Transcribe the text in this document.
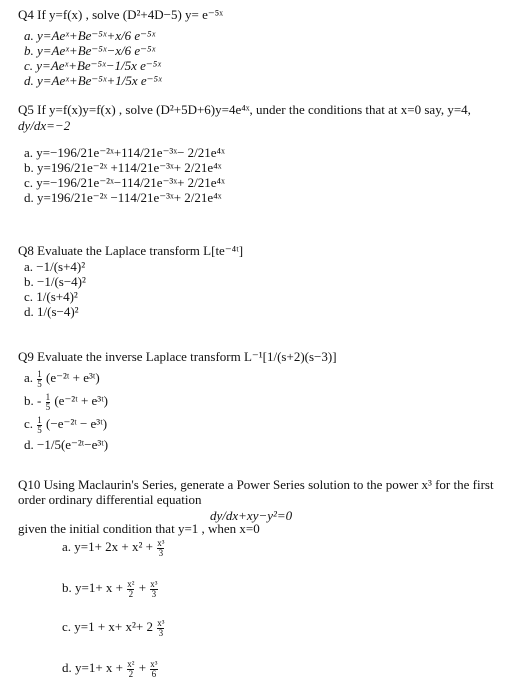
Q4 If y=f(x) , solve (D²+4D−5) y= e⁻⁵ˣ
a. y=Aeˣ+Be⁻⁵ˣ+x/6 e⁻⁵ˣ
b. y=Aeˣ+Be⁻⁵ˣ−x/6 e⁻⁵ˣ
c. y=Aeˣ+Be⁻⁵ˣ−1/5x e⁻⁵ˣ
d. y=Aeˣ+Be⁻⁵ˣ+1/5x e⁻⁵ˣ
Q5 If y=f(x)y=f(x) , solve (D²+5D+6)y=4e⁴ˣ, under the conditions that at x=0 say, y=4,
dy/dx=−2
a. y=−196/21e⁻²ˣ+114/21e⁻³ˣ− 2/21e⁴ˣ
b. y=196/21e⁻²ˣ +114/21e⁻³ˣ+ 2/21e⁴ˣ
c. y=−196/21e⁻²ˣ−114/21e⁻³ˣ+ 2/21e⁴ˣ
d. y=196/21e⁻²ˣ −114/21e⁻³ˣ+ 2/21e⁴ˣ
Q8 Evaluate the Laplace transform L[te⁻⁴ᵗ]
a. −1/(s+4)²
b. −1/(s−4)²
c. 1/(s+4)²
d. 1/(s−4)²
Q9 Evaluate the inverse Laplace transform L⁻¹[1/(s+2)(s−3)]
a. $\frac{1}{5}$ (e⁻²ᵗ + e³ᵗ)
b. - $\frac{1}{5}$ (e⁻²ᵗ + e³ᵗ)
c. $\frac{1}{5}$ (−e⁻²ᵗ − e³ᵗ)
d. −1/5(e⁻²ᵗ−e³ᵗ)
Q10 Using Maclaurin's Series, generate a Power Series solution to the power x³ for the first
order ordinary differential equation
dy/dx+xy−y²=0
given the initial condition that y=1 , when x=0
a. $y=1+ 2x + x^2 + \frac{\text{x³}}{3}$
b. $y=1+ x + \frac{\text{x²}}{2} + \frac{\text{x³}}{3}$
c. $y=1 + x+ x^2+ 2 \frac{\text{x³}}{3}$
d. $y=1+ x + \frac{\text{x²}}{2} + \frac{\text{x³}}{6}$
